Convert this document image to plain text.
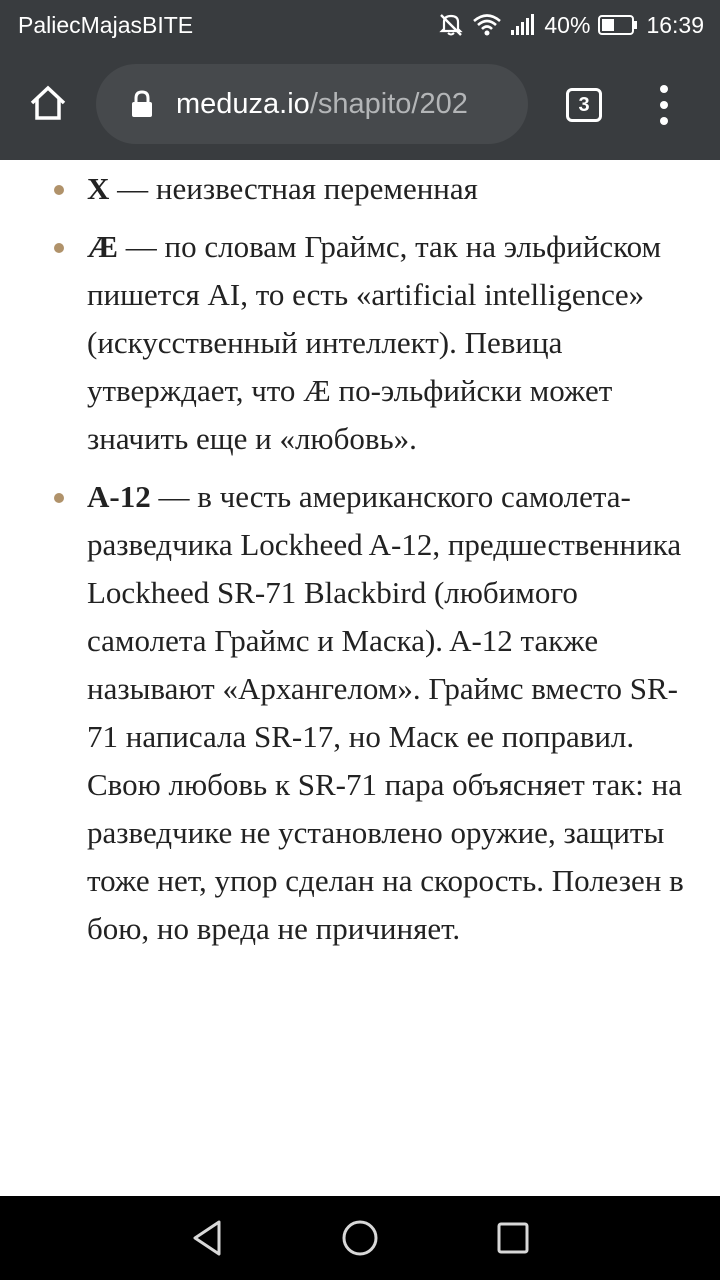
PaliecMajasBITE	40% 16:39
meduza.io/shapito/202	3
X — неизвестная переменная
Æ — по словам Граймс, так на эльфийском пишется AI, то есть «artificial intelligence» (искусственный интеллект). Певица утверждает, что Æ по-эльфийски может значить еще и «любовь».
A-12 — в честь американского самолета-разведчика Lockheed A-12, предшественника Lockheed SR-71 Blackbird (любимого самолета Граймс и Маска). A-12 также называют «Архангелом». Граймс вместо SR-71 написала SR-17, но Маск ее поправил. Свою любовь к SR-71 пара объясняет так: на разведчике не установлено оружие, защиты тоже нет, упор сделан на скорость. Полезен в бою, но вреда не причиняет.
